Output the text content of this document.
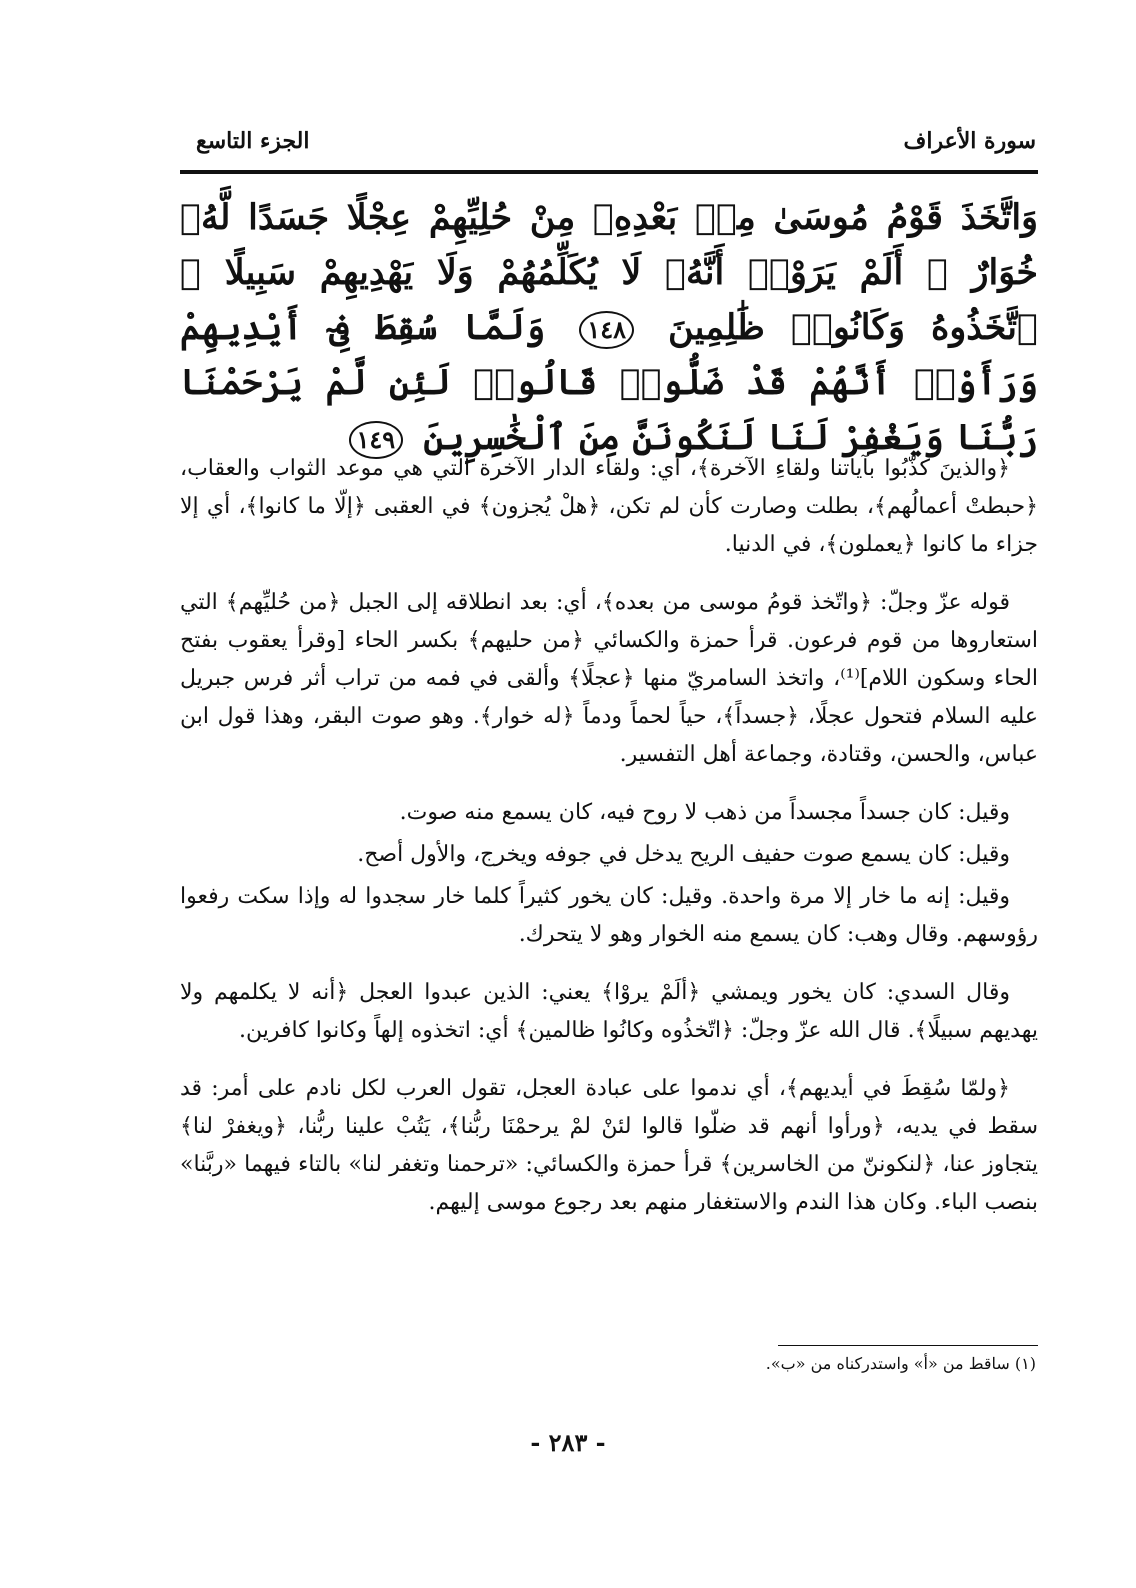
سورة الأعراف
الجزء التاسع
وَاتَّخَذَ قَوْمُ مُوسَىٰ مِنۢ بَعْدِهِۦ مِنْ حُلِيِّهِمْ عِجْلًا جَسَدًا لَّهُۥ خُوَارٌ ۚ أَلَمْ يَرَوْا۟ أَنَّهُۥ لَا يُكَلِّمُهُمْ وَلَا يَهْدِيهِمْ سَبِيلًا ۘ ٱتَّخَذُوهُ وَكَانُوا۟ ظَٰلِمِينَ ١٤٨ وَلَمَّا سُقِطَ فِىٓ أَيْدِيهِمْ وَرَأَوْا۟ أَنَّهُمْ قَدْ ضَلُّوا۟ قَالُوا۟ لَئِن لَّمْ يَرْحَمْنَا رَبُّنَا وَيَغْفِرْ لَنَا لَنَكُونَنَّ مِنَ ٱلْخَٰسِرِينَ ١٤٩

﴿والذينَ كذّبُوا بآياتنا ولقاءِ الآخرة﴾، أي: ولقاء الدار الآخرة التي هي موعد الثواب والعقاب، ﴿حبطتْ أعمالُهم﴾، بطلت وصارت كأن لم تكن، ﴿هلْ يُجزون﴾ في العقبى ﴿إلّا ما كانوا﴾، أي إلا جزاء ما كانوا ﴿يعملون﴾، في الدنيا.

قوله عزّ وجلّ: ﴿واتّخذ قومُ موسى من بعده﴾، أي: بعد انطلاقه إلى الجبل ﴿من حُليِّهم﴾ التي استعاروها من قوم فرعون. قرأ حمزة والكسائي ﴿من حليهم﴾ بكسر الحاء [وقرأ يعقوب بفتح الحاء وسكون اللام]⁽¹⁾، واتخذ السامريّ منها ﴿عجلًا﴾ وألقى في فمه من تراب أثر فرس جبريل عليه السلام فتحول عجلًا، ﴿جسداً﴾، حياً لحماً ودماً ﴿له خوار﴾. وهو صوت البقر، وهذا قول ابن عباس، والحسن، وقتادة، وجماعة أهل التفسير.

وقيل: كان جسداً مجسداً من ذهب لا روح فيه، كان يسمع منه صوت.

وقيل: كان يسمع صوت حفيف الريح يدخل في جوفه ويخرج، والأول أصح.

وقيل: إنه ما خار إلا مرة واحدة. وقيل: كان يخور كثيراً كلما خار سجدوا له وإذا سكت رفعوا رؤوسهم. وقال وهب: كان يسمع منه الخوار وهو لا يتحرك.

وقال السدي: كان يخور ويمشي ﴿ألَمْ يروْا﴾ يعني: الذين عبدوا العجل ﴿أنه لا يكلمهم ولا يهديهم سبيلًا﴾. قال الله عزّ وجلّ: ﴿اتّخذُوه وكانُوا ظالمين﴾ أي: اتخذوه إلهاً وكانوا كافرين.

﴿ولمّا سُقِطَ في أيديهم﴾، أي ندموا على عبادة العجل، تقول العرب لكل نادم على أمر: قد سقط في يديه، ﴿ورأوا أنهم قد ضلّوا قالوا لئنْ لمْ يرحمْنَا ربُّنا﴾، يَتُبْ علينا ربُّنا، ﴿ويغفرْ لنا﴾ يتجاوز عنا، ﴿لنكوننّ من الخاسرين﴾ قرأ حمزة والكسائي: «ترحمنا وتغفر لنا» بالتاء فيهما «ربَّنا» بنصب الباء. وكان هذا الندم والاستغفار منهم بعد رجوع موسى إليهم.

(١) ساقط من «أ» واستدركناه من «ب».
- ٢٨٣ -
